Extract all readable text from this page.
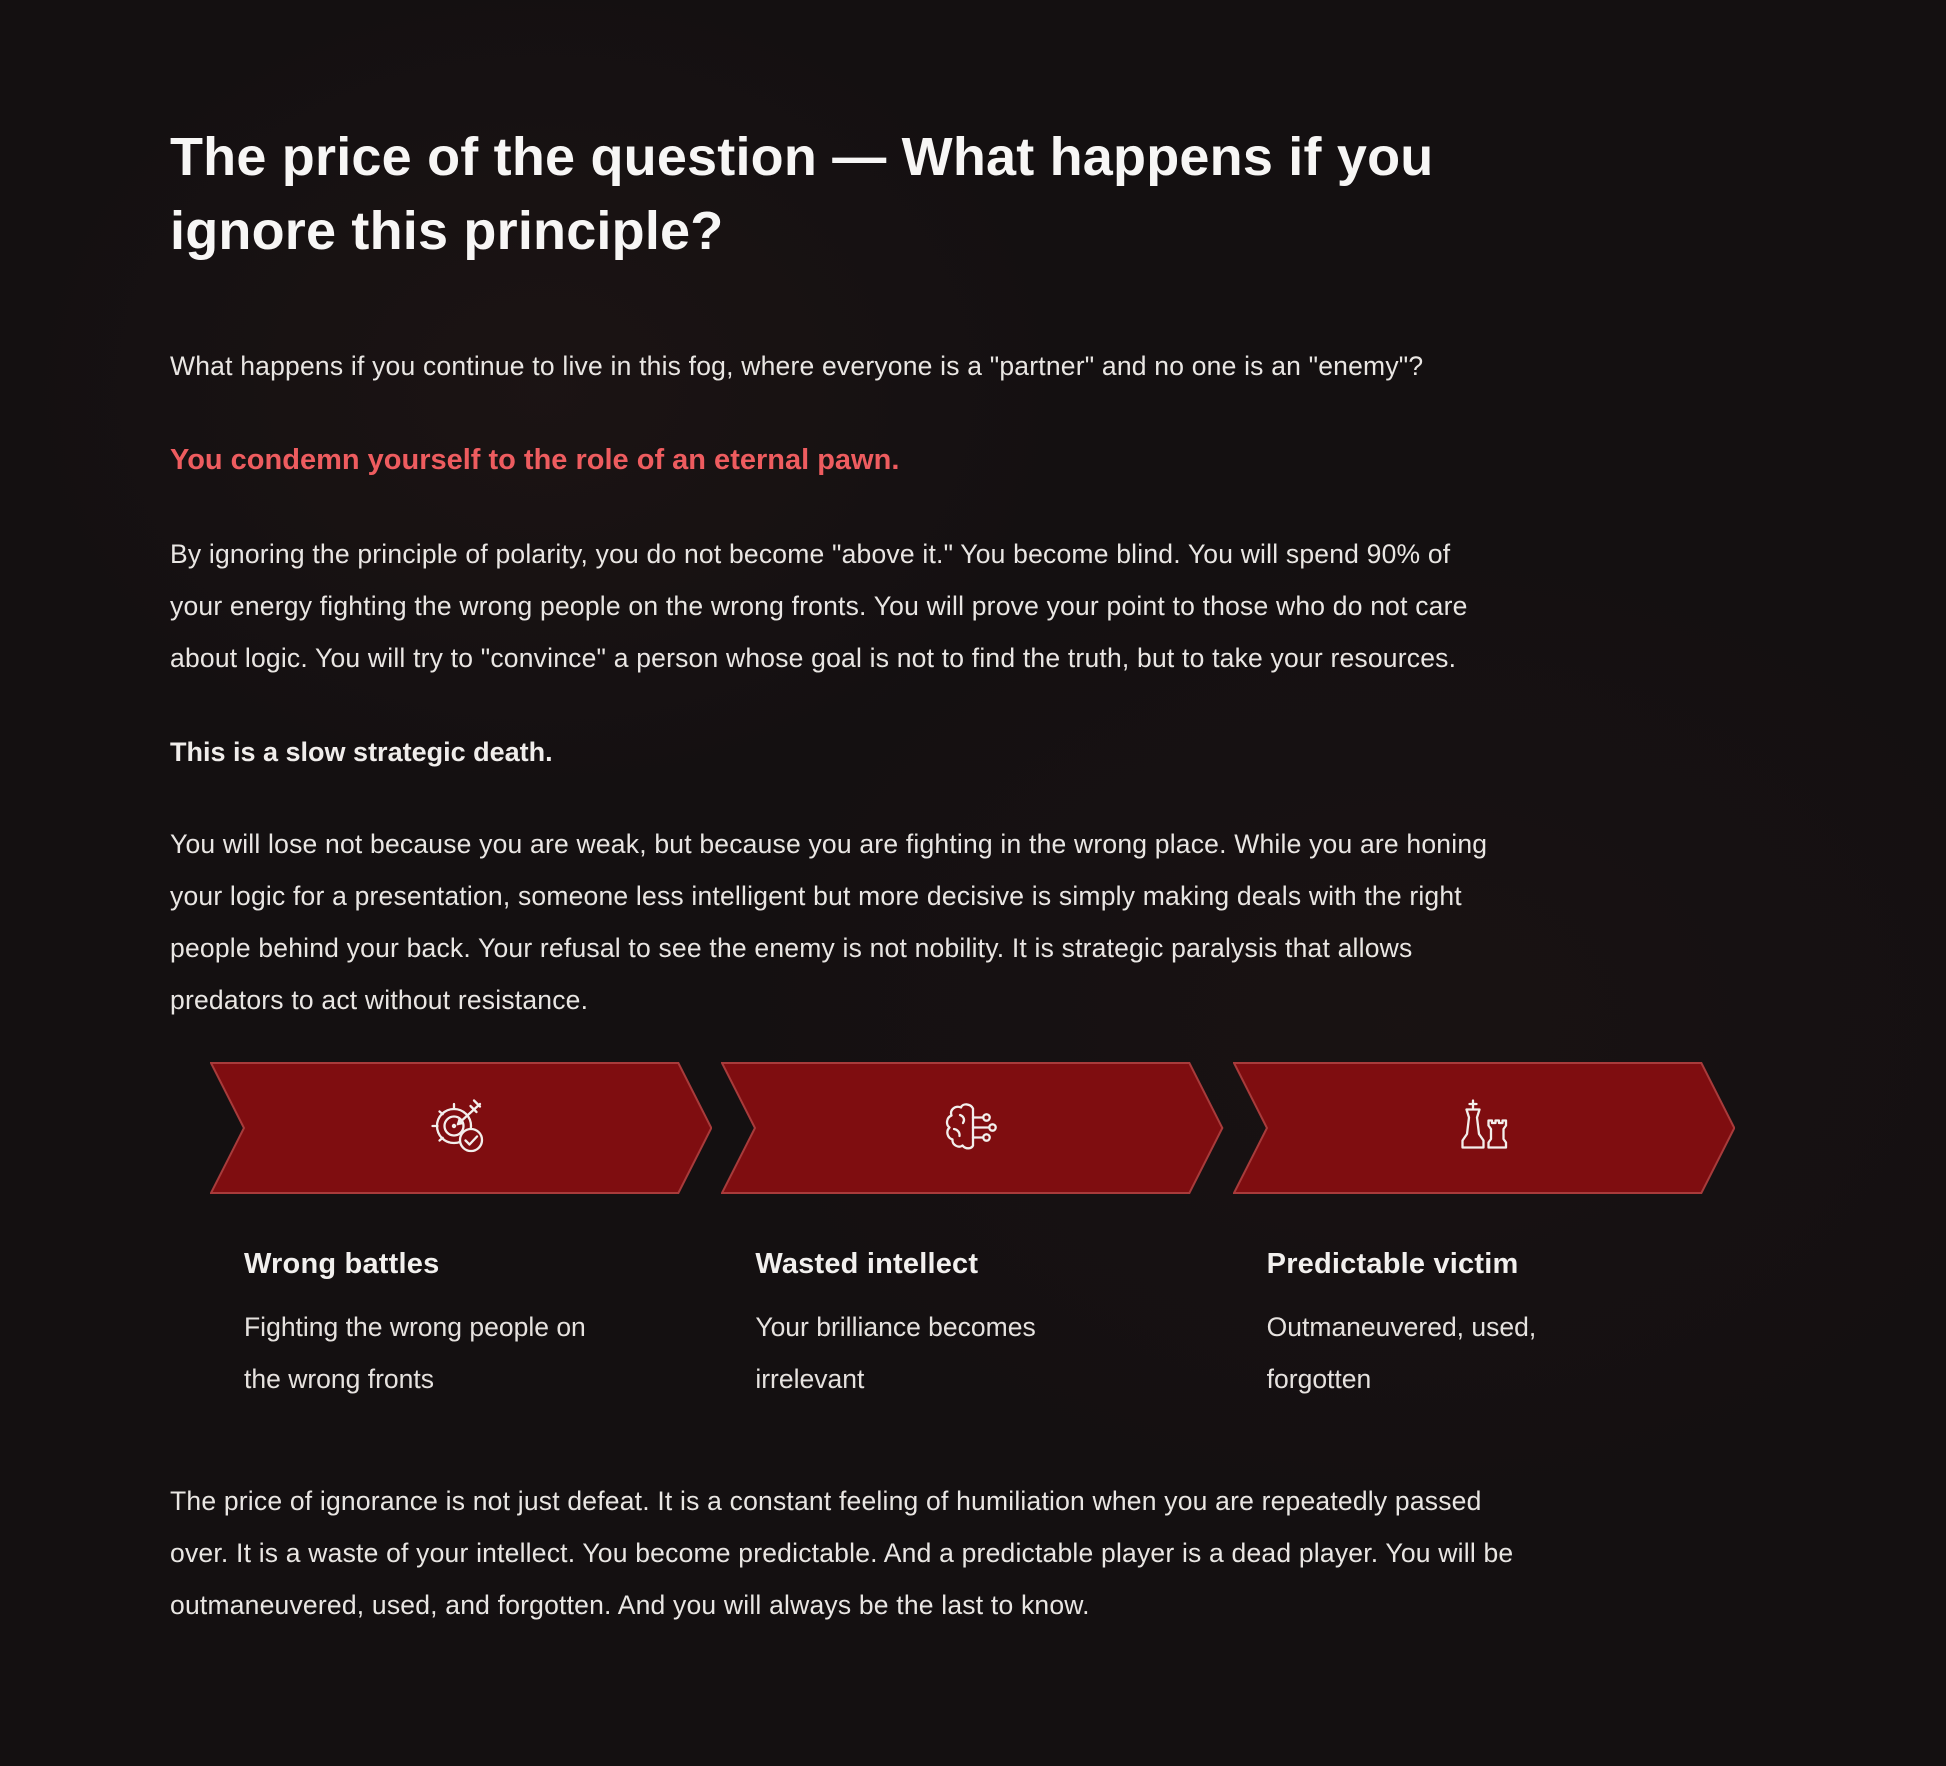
The price of the question — What happens if you ignore this principle?

What happens if you continue to live in this fog, where everyone is a "partner" and no one is an "enemy"?

You condemn yourself to the role of an eternal pawn.

By ignoring the principle of polarity, you do not become "above it." You become blind. You will spend 90% of your energy fighting the wrong people on the wrong fronts. You will prove your point to those who do not care about logic. You will try to "convince" a person whose goal is not to find the truth, but to take your resources.

This is a slow strategic death.

You will lose not because you are weak, but because you are fighting in the wrong place. While you are honing your logic for a presentation, someone less intelligent but more decisive is simply making deals with the right people behind your back. Your refusal to see the enemy is not nobility. It is strategic paralysis that allows predators to act without resistance.

Wrong battles

Fighting the wrong people on the wrong fronts

Wasted intellect

Your brilliance becomes irrelevant

Predictable victim

Outmaneuvered, used, forgotten

The price of ignorance is not just defeat. It is a constant feeling of humiliation when you are repeatedly passed over. It is a waste of your intellect. You become predictable. And a predictable player is a dead player. You will be outmaneuvered, used, and forgotten. And you will always be the last to know.
